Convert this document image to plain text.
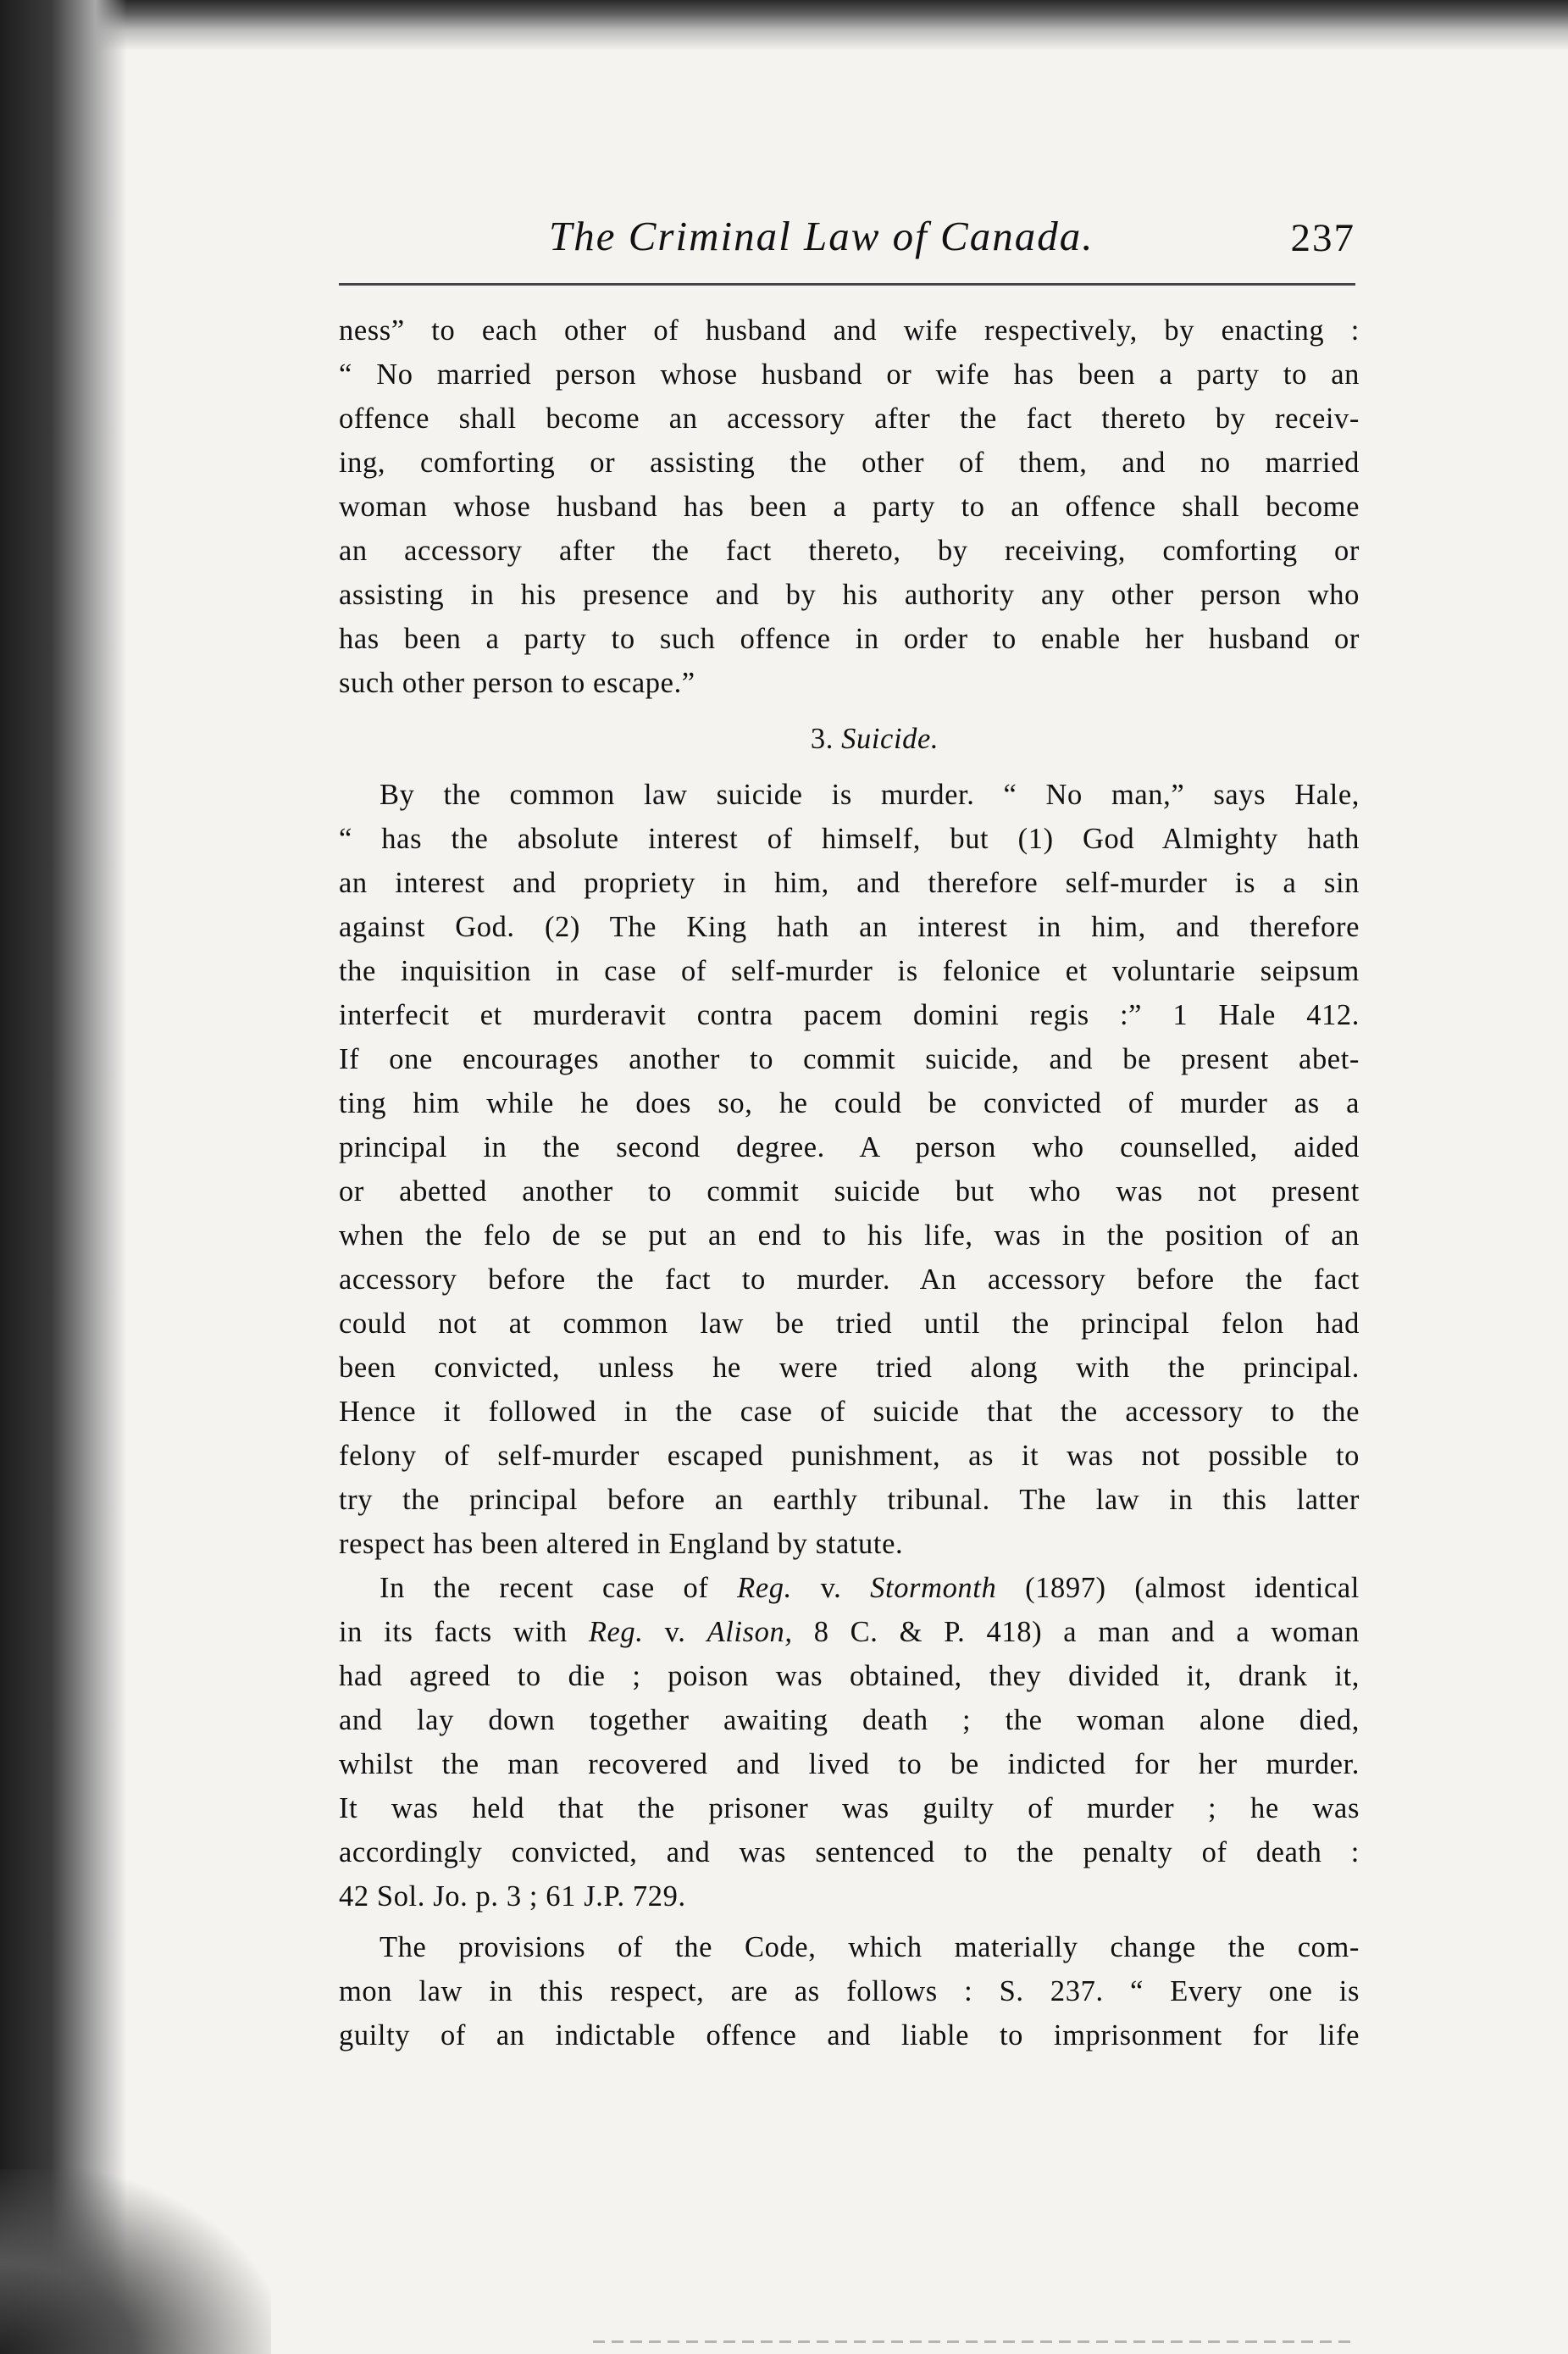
The Criminal Law of Canada.	237

ness” to each other of husband and wife respectively, by enacting :
“ No married person whose husband or wife has been a party to an
offence shall become an accessory after the fact thereto by receiv-
ing, comforting or assisting the other of them, and no married
woman whose husband has been a party to an offence shall become
an accessory after the fact thereto, by receiving, comforting or
assisting in his presence and by his authority any other person who
has been a party to such offence in order to enable her husband or
such other person to escape.”

3. Suicide.

By the common law suicide is murder. “ No man,” says Hale,
“ has the absolute interest of himself, but (1) God Almighty hath
an interest and propriety in him, and therefore self-murder is a sin
against God. (2) The King hath an interest in him, and therefore
the inquisition in case of self-murder is felonice et voluntarie seipsum
interfecit et murderavit contra pacem domini regis :” 1 Hale 412.
If one encourages another to commit suicide, and be present abet-
ting him while he does so, he could be convicted of murder as a
principal in the second degree. A person who counselled, aided
or abetted another to commit suicide but who was not present
when the felo de se put an end to his life, was in the position of an
accessory before the fact to murder. An accessory before the fact
could not at common law be tried until the principal felon had
been convicted, unless he were tried along with the principal.
Hence it followed in the case of suicide that the accessory to the
felony of self-murder escaped punishment, as it was not possible to
try the principal before an earthly tribunal. The law in this latter
respect has been altered in England by statute.

In the recent case of Reg. v. Stormonth (1897) (almost identical
in its facts with Reg. v. Alison, 8 C. & P. 418) a man and a woman
had agreed to die ; poison was obtained, they divided it, drank it,
and lay down together awaiting death ; the woman alone died,
whilst the man recovered and lived to be indicted for her murder.
It was held that the prisoner was guilty of murder ; he was
accordingly convicted, and was sentenced to the penalty of death :
42 Sol. Jo. p. 3 ; 61 J.P. 729.

The provisions of the Code, which materially change the com-
mon law in this respect, are as follows : S. 237. “ Every one is
guilty of an indictable offence and liable to imprisonment for life
